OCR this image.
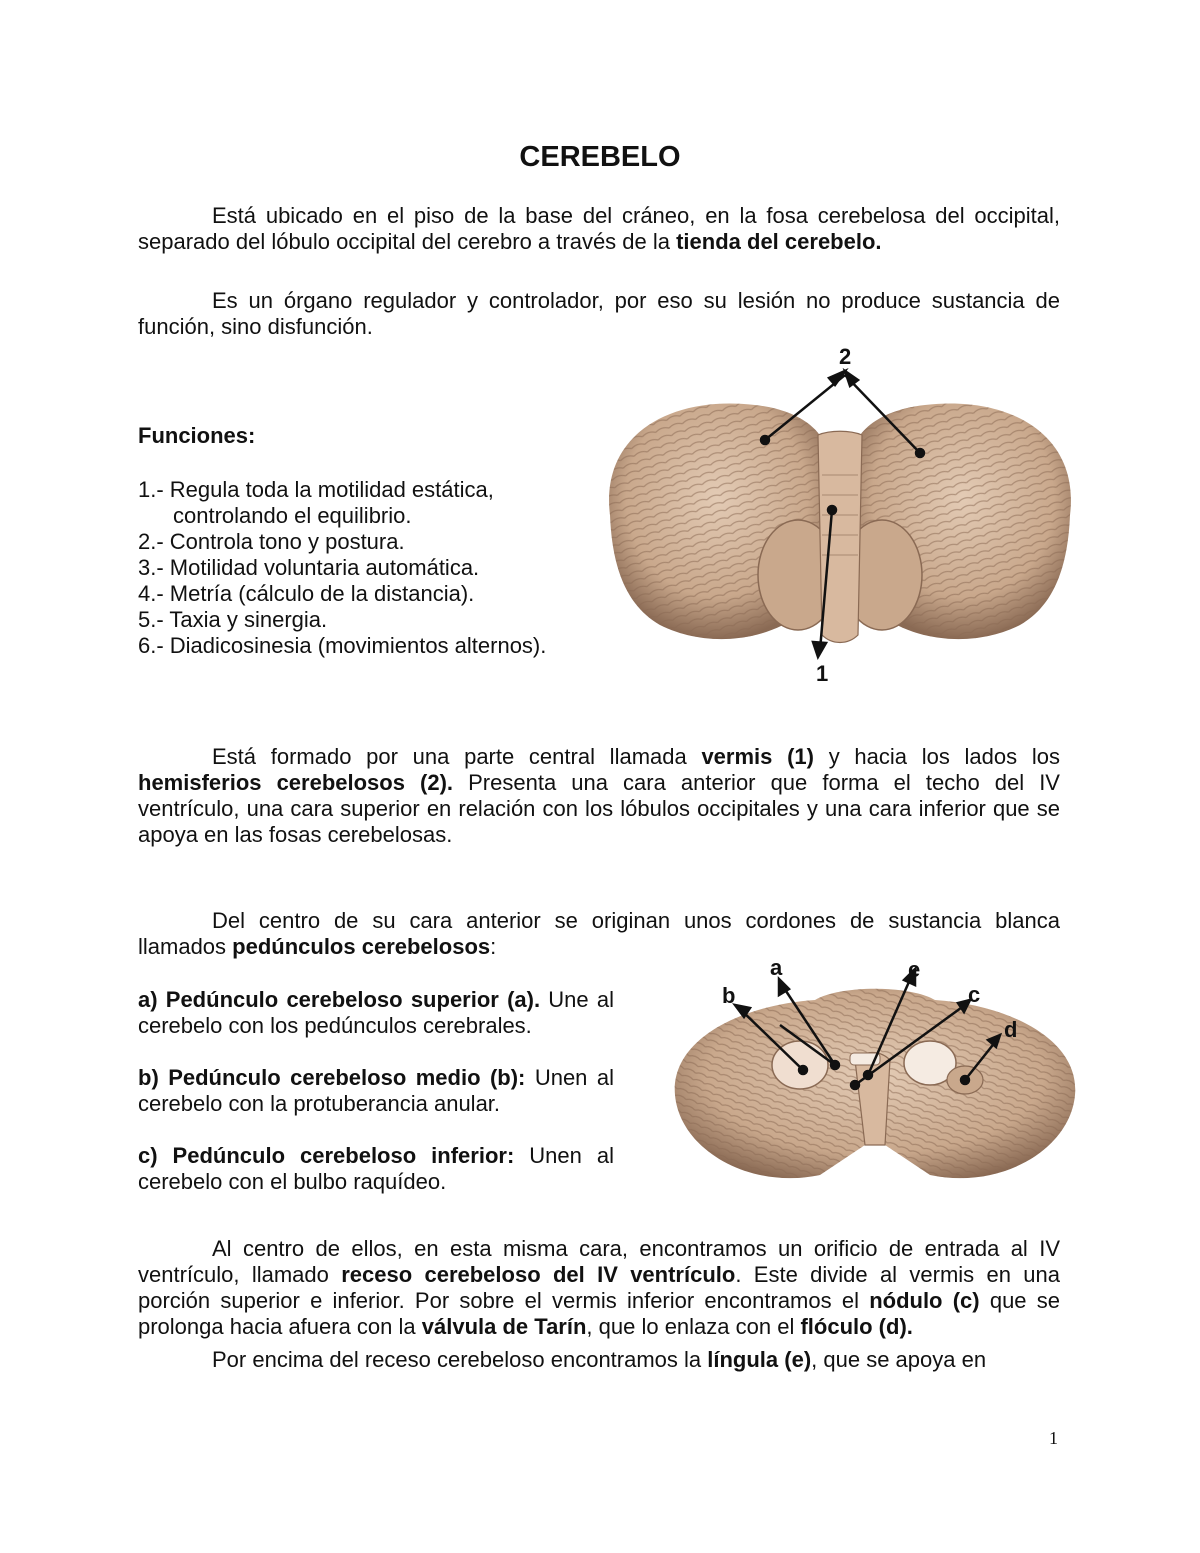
CEREBELO
Está ubicado en el piso de la base del cráneo, en la fosa cerebelosa del occipital, separado del lóbulo occipital del cerebro a través de la tienda del cerebelo.
Es un órgano regulador y controlador, por eso su lesión no produce sustancia de función, sino disfunción.
Funciones:
1.- Regula toda la motilidad estática,
controlando el equilibrio.
2.- Controla tono y postura.
3.- Motilidad voluntaria automática.
4.- Metría (cálculo de la distancia).
5.- Taxia y sinergia.
6.- Diadicosinesia (movimientos alternos).
2
1
Está formado por una parte central llamada vermis (1) y hacia los lados los hemisferios cerebelosos (2). Presenta una cara anterior que forma el techo del IV ventrículo, una cara superior en relación con los lóbulos occipitales y una cara inferior que se apoya en las fosas cerebelosas.
Del centro de su cara anterior se originan unos cordones de sustancia blanca llamados pedúnculos cerebelosos:

a) Pedúnculo cerebeloso superior (a). Une al cerebelo con los pedúnculos cerebrales.

b) Pedúnculo cerebeloso medio (b): Unen al cerebelo con la protuberancia anular.

c) Pedúnculo cerebeloso inferior: Unen al cerebelo con el bulbo raquídeo.

a
b	c
d
e
Al centro de ellos, en esta misma cara, encontramos un orificio de entrada al IV ventrículo, llamado receso cerebeloso del IV ventrículo. Este divide al vermis en una porción superior e inferior. Por sobre el vermis inferior encontramos el nódulo (c) que se prolonga hacia afuera con la válvula de Tarín, que lo enlaza con el flóculo (d).
Por encima del receso cerebeloso encontramos la língula (e), que se apoya en
1
